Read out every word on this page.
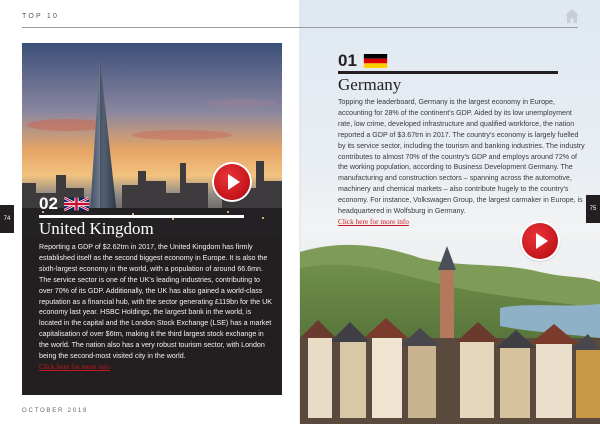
TOP 10
02
United Kingdom

Reporting a GDP of $2.62trn in 2017, the United Kingdom has firmly established itself as the second biggest economy in Europe. It is also the sixth-largest economy in the world, with a population of around 66.6mn. The service sector is one of the UK's leading industries, contributing to over 70% of its GDP. Additionally, the UK has also gained a world-class reputation as a financial hub, with the sector generating £119bn for the UK economy last year. HSBC Holdings, the largest bank in the world, is located in the capital and the London Stock Exchange (LSE) has a market capitalisation of over $6trn, making it the third largest stock exchange in the world. The nation also has a very robust tourism sector, with London being the second-most visited city in the world.
Click here for more info

74
OCTOBER 2018
01
Germany

Topping the leaderboard, Germany is the largest economy in Europe, accounting for 28% of the continent's GDP. Aided by its low unemployment rate, low crime, developed infrastructure and qualified workforce, the nation reported a GDP of $3.67trn in 2017. The country's economy is largely fuelled by its service sector, including the tourism and banking industries. The industry contributes to almost 70% of the country's GDP and employs around 72% of the working population, according to Business Development Germany. The manufacturing and construction sectors – spanning across the automotive, machinery and chemical markets – also contribute hugely to the country's economy. For instance, Volkswagen Group, the largest carmaker in Europe, is headquartered in Wolfsburg in Germany.
Click here for more info

75
